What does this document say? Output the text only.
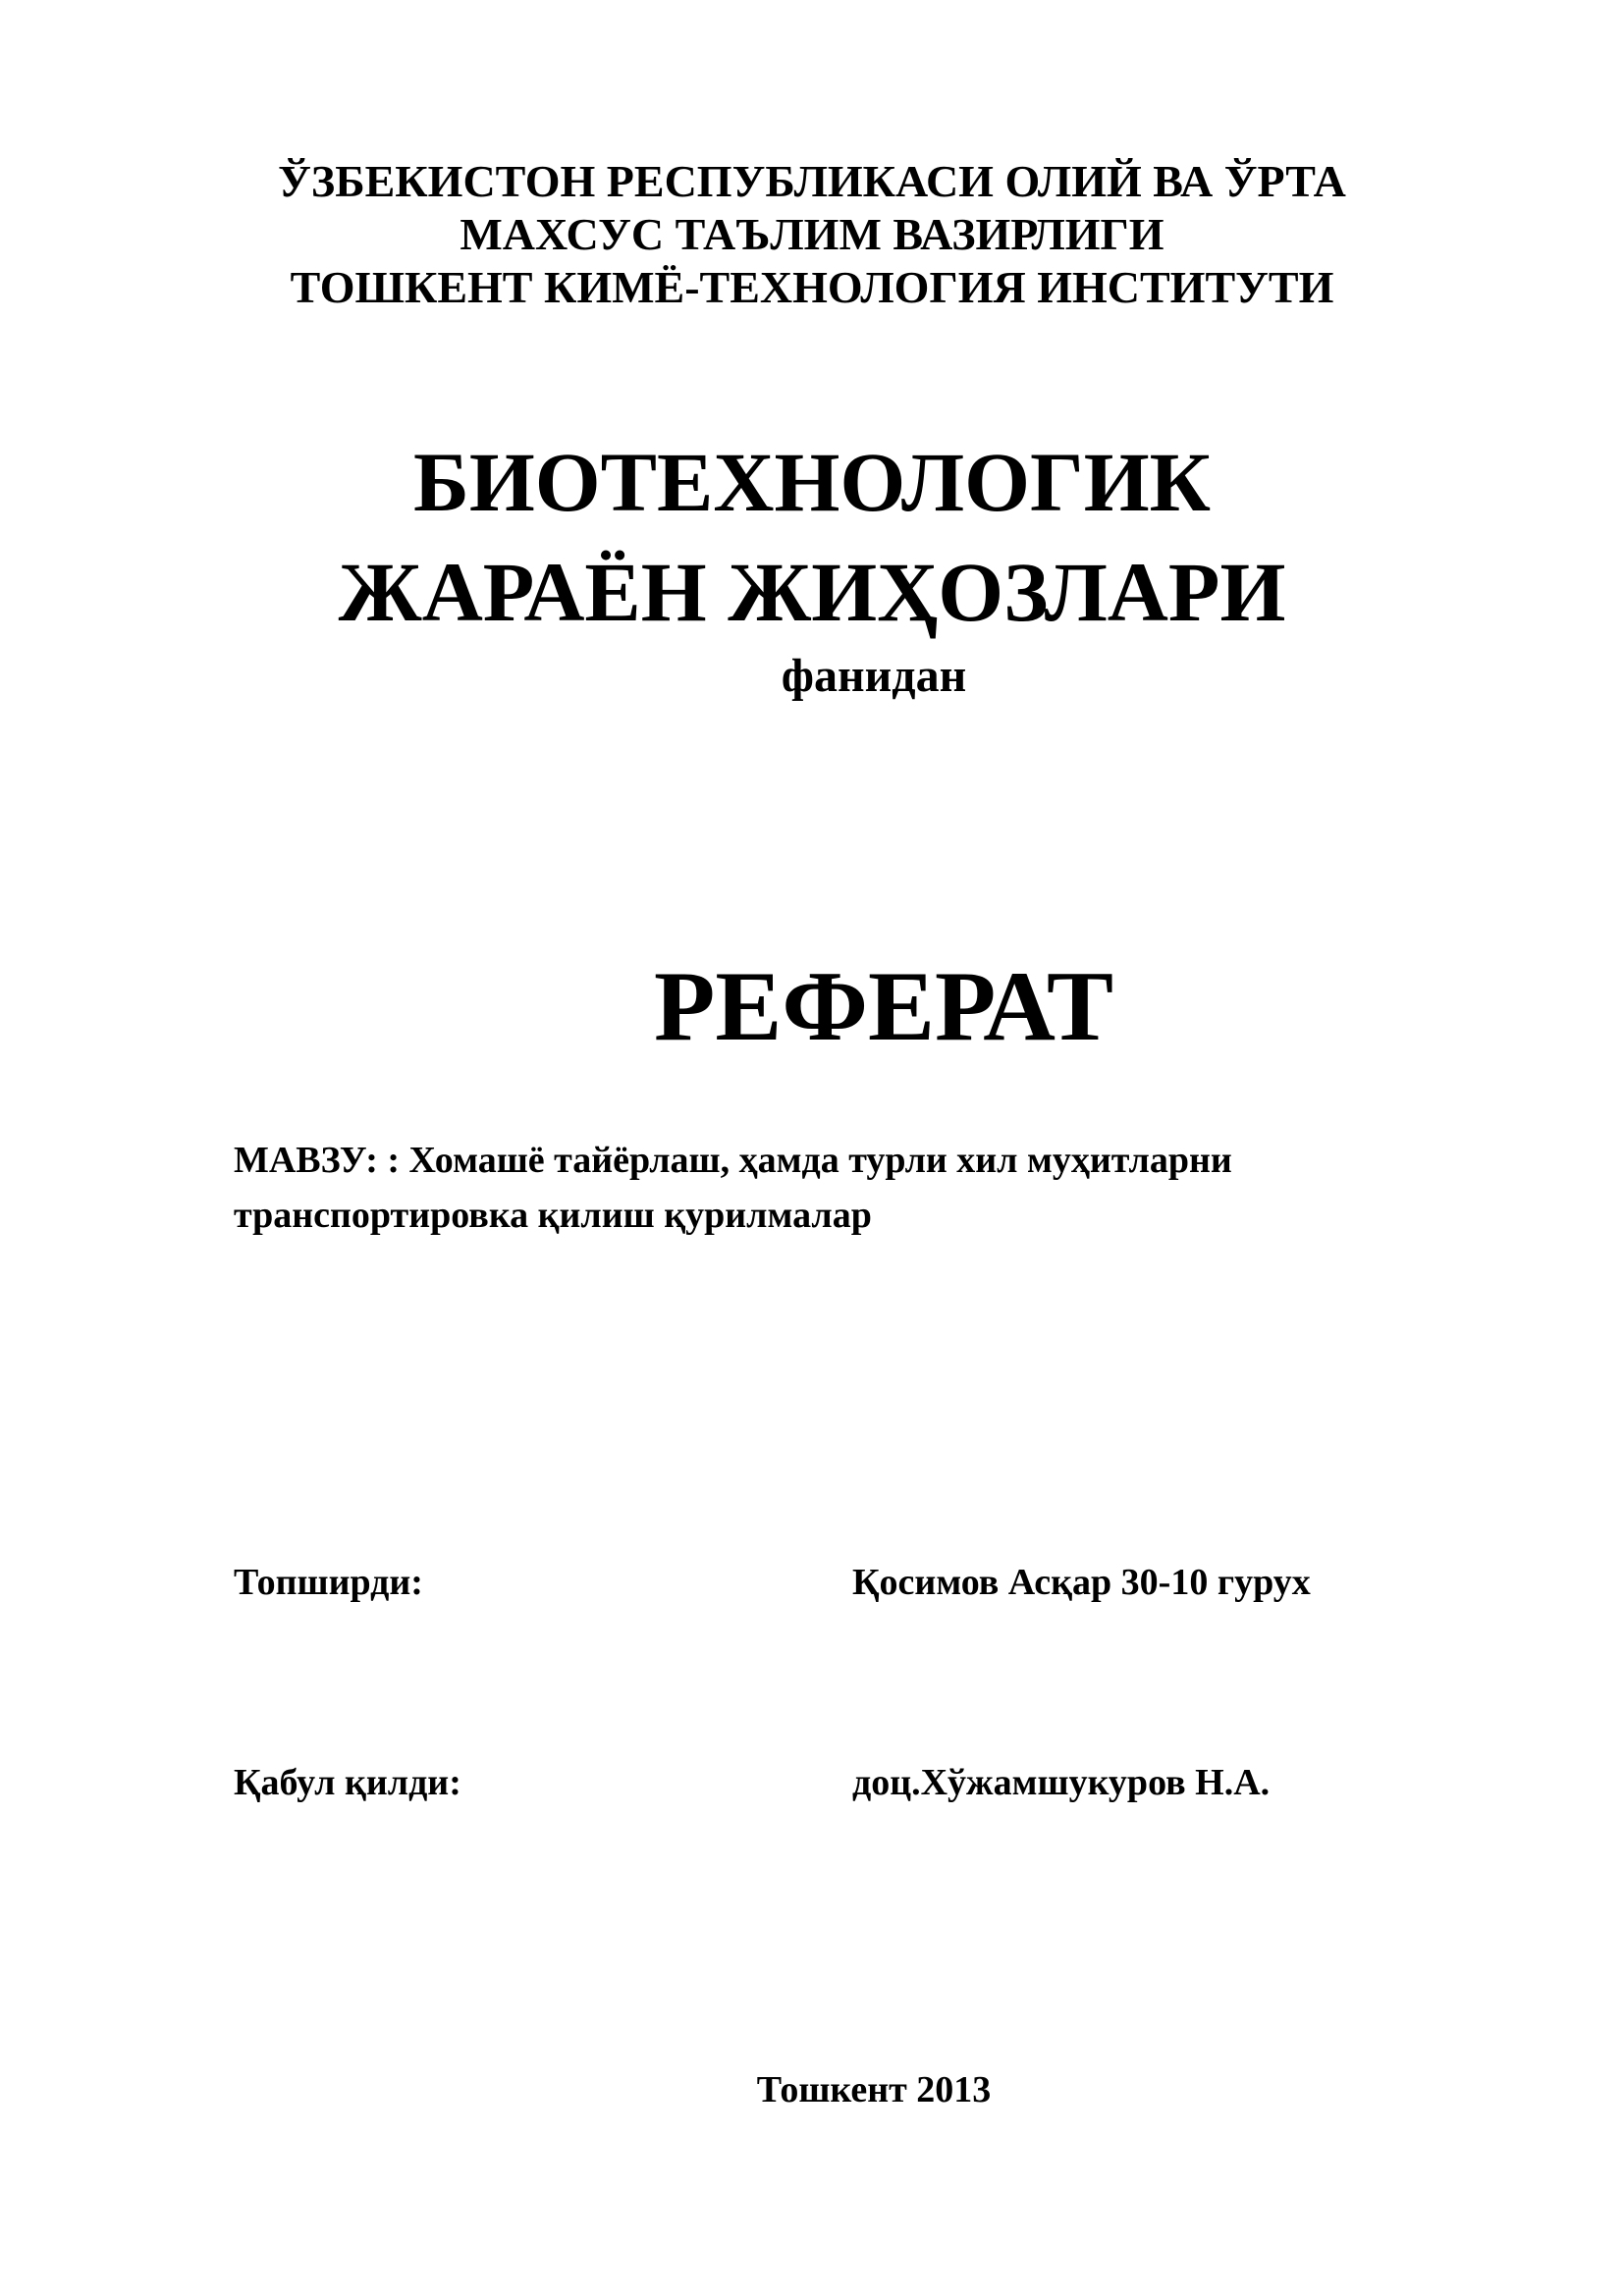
ЎЗБЕКИСТОН РЕСПУБЛИКАСИ ОЛИЙ ВА ЎРТА

МАХСУС ТАЪЛИМ ВАЗИРЛИГИ

ТОШКЕНТ КИМЁ-ТЕХНОЛОГИЯ ИНСТИТУТИ

БИОТЕХНОЛОГИК

ЖАРАЁН ЖИҲОЗЛАРИ

фанидан

РЕФЕРАТ

МАВЗУ: : Хомашё тайёрлаш, ҳамда турли хил муҳитларни

транспортировка қилиш қурилмалар

Топширди:	Қосимов Асқар 30-10 гурух

Қабул қилди:	доц.Хўжамшукуров Н.А.

Тошкент 2013
